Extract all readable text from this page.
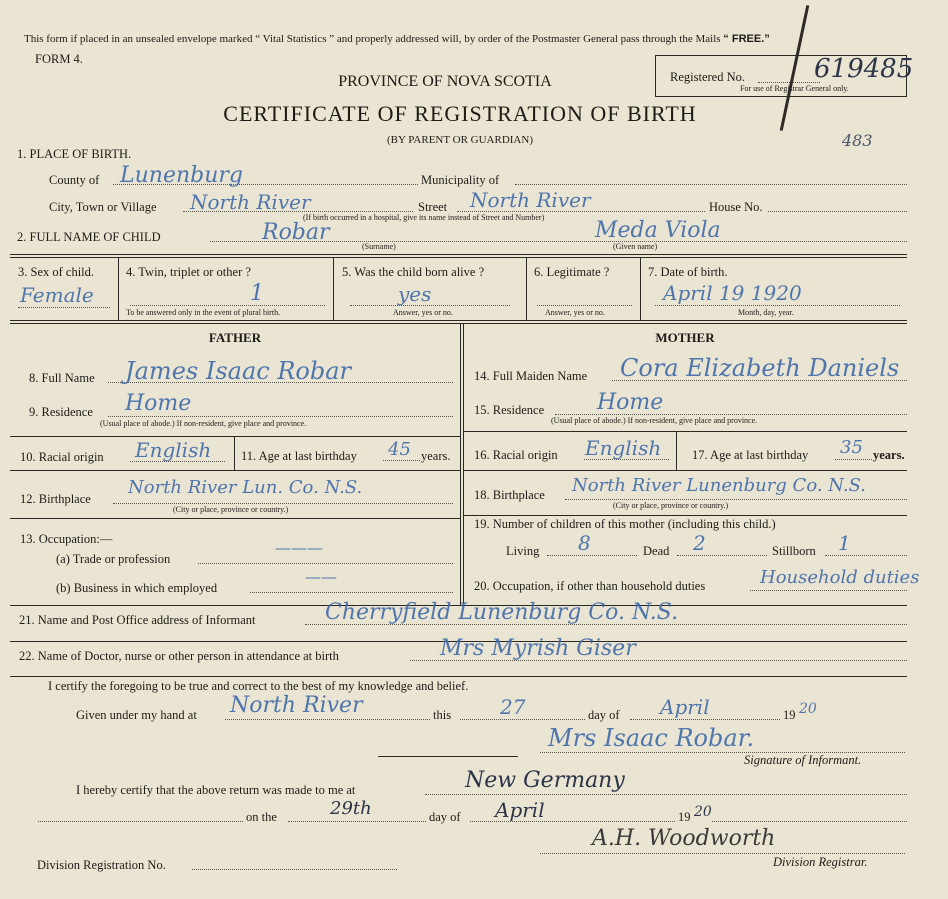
This form if placed in an unsealed envelope marked “ Vital Statistics ” and properly addressed will, by order of the Postmaster General pass through the Mails “ FREE.”
FORM 4.
PROVINCE OF NOVA SCOTIA
CERTIFICATE OF REGISTRATION OF BIRTH
(BY PARENT OR GUARDIAN)
Registered No.	619485
For use of Registrar General only.
483
1. PLACE OF BIRTH.
County of Lunenburg	Municipality of
City, Town or Village North River	Street North River	House No.
(If birth occurred in a hospital, give its name instead of Street and Number)
2. FULL NAME OF CHILD	Robar
(Surname)
Meda Viola
(Given name)
3. Sex of child.
Female
4. Twin, triplet or other ?
1
To be answered only in the event of plural birth.
5. Was the child born alive ?
yes
Answer, yes or no.
6. Legitimate ?
Answer, yes or no.
7. Date of birth.
April 19 1920
Month, day, year.
FATHER	MOTHER
8. Full Name James Isaac Robar
9. Residence Home
(Usual place of abode.) If non-resident, give place and province.
10. Racial origin English 11. Age at last birthday 45 years.
12. Birthplace
North River Lun. Co. N.S.
(City or place, province or country.)
13. Occupation:—
(a) Trade or profession
———
(b) Business in which employed
——
14. Full Maiden Name Cora Elizabeth Daniels
15. Residence Home
(Usual place of abode.) If non-resident, give place and province.
16. Racial origin English 17. Age at last birthday 35 years.
18. Birthplace North River Lunenburg Co. N.S.
(City or place, province or country.)
19. Number of children of this mother (including this child.)
Living 8	Dead 2	Stillborn 1
20. Occupation, if other than household duties	Household duties
21. Name and Post Office address of Informant	Cherryfield Lunenburg Co. N.S.
22. Name of Doctor, nurse or other person in attendance at birth	Mrs Myrish Giser
I certify the foregoing to be true and correct to the best of my knowledge and belief.
Given under my hand at North River	this 27	day of April	19 20
Mrs Isaac Robar.
Signature of Informant.
I hereby certify that the above return was made to me at	New Germany
on the	29th	day of April	19 20
A.H. Woodworth
Division Registrar.
Division Registration No.
